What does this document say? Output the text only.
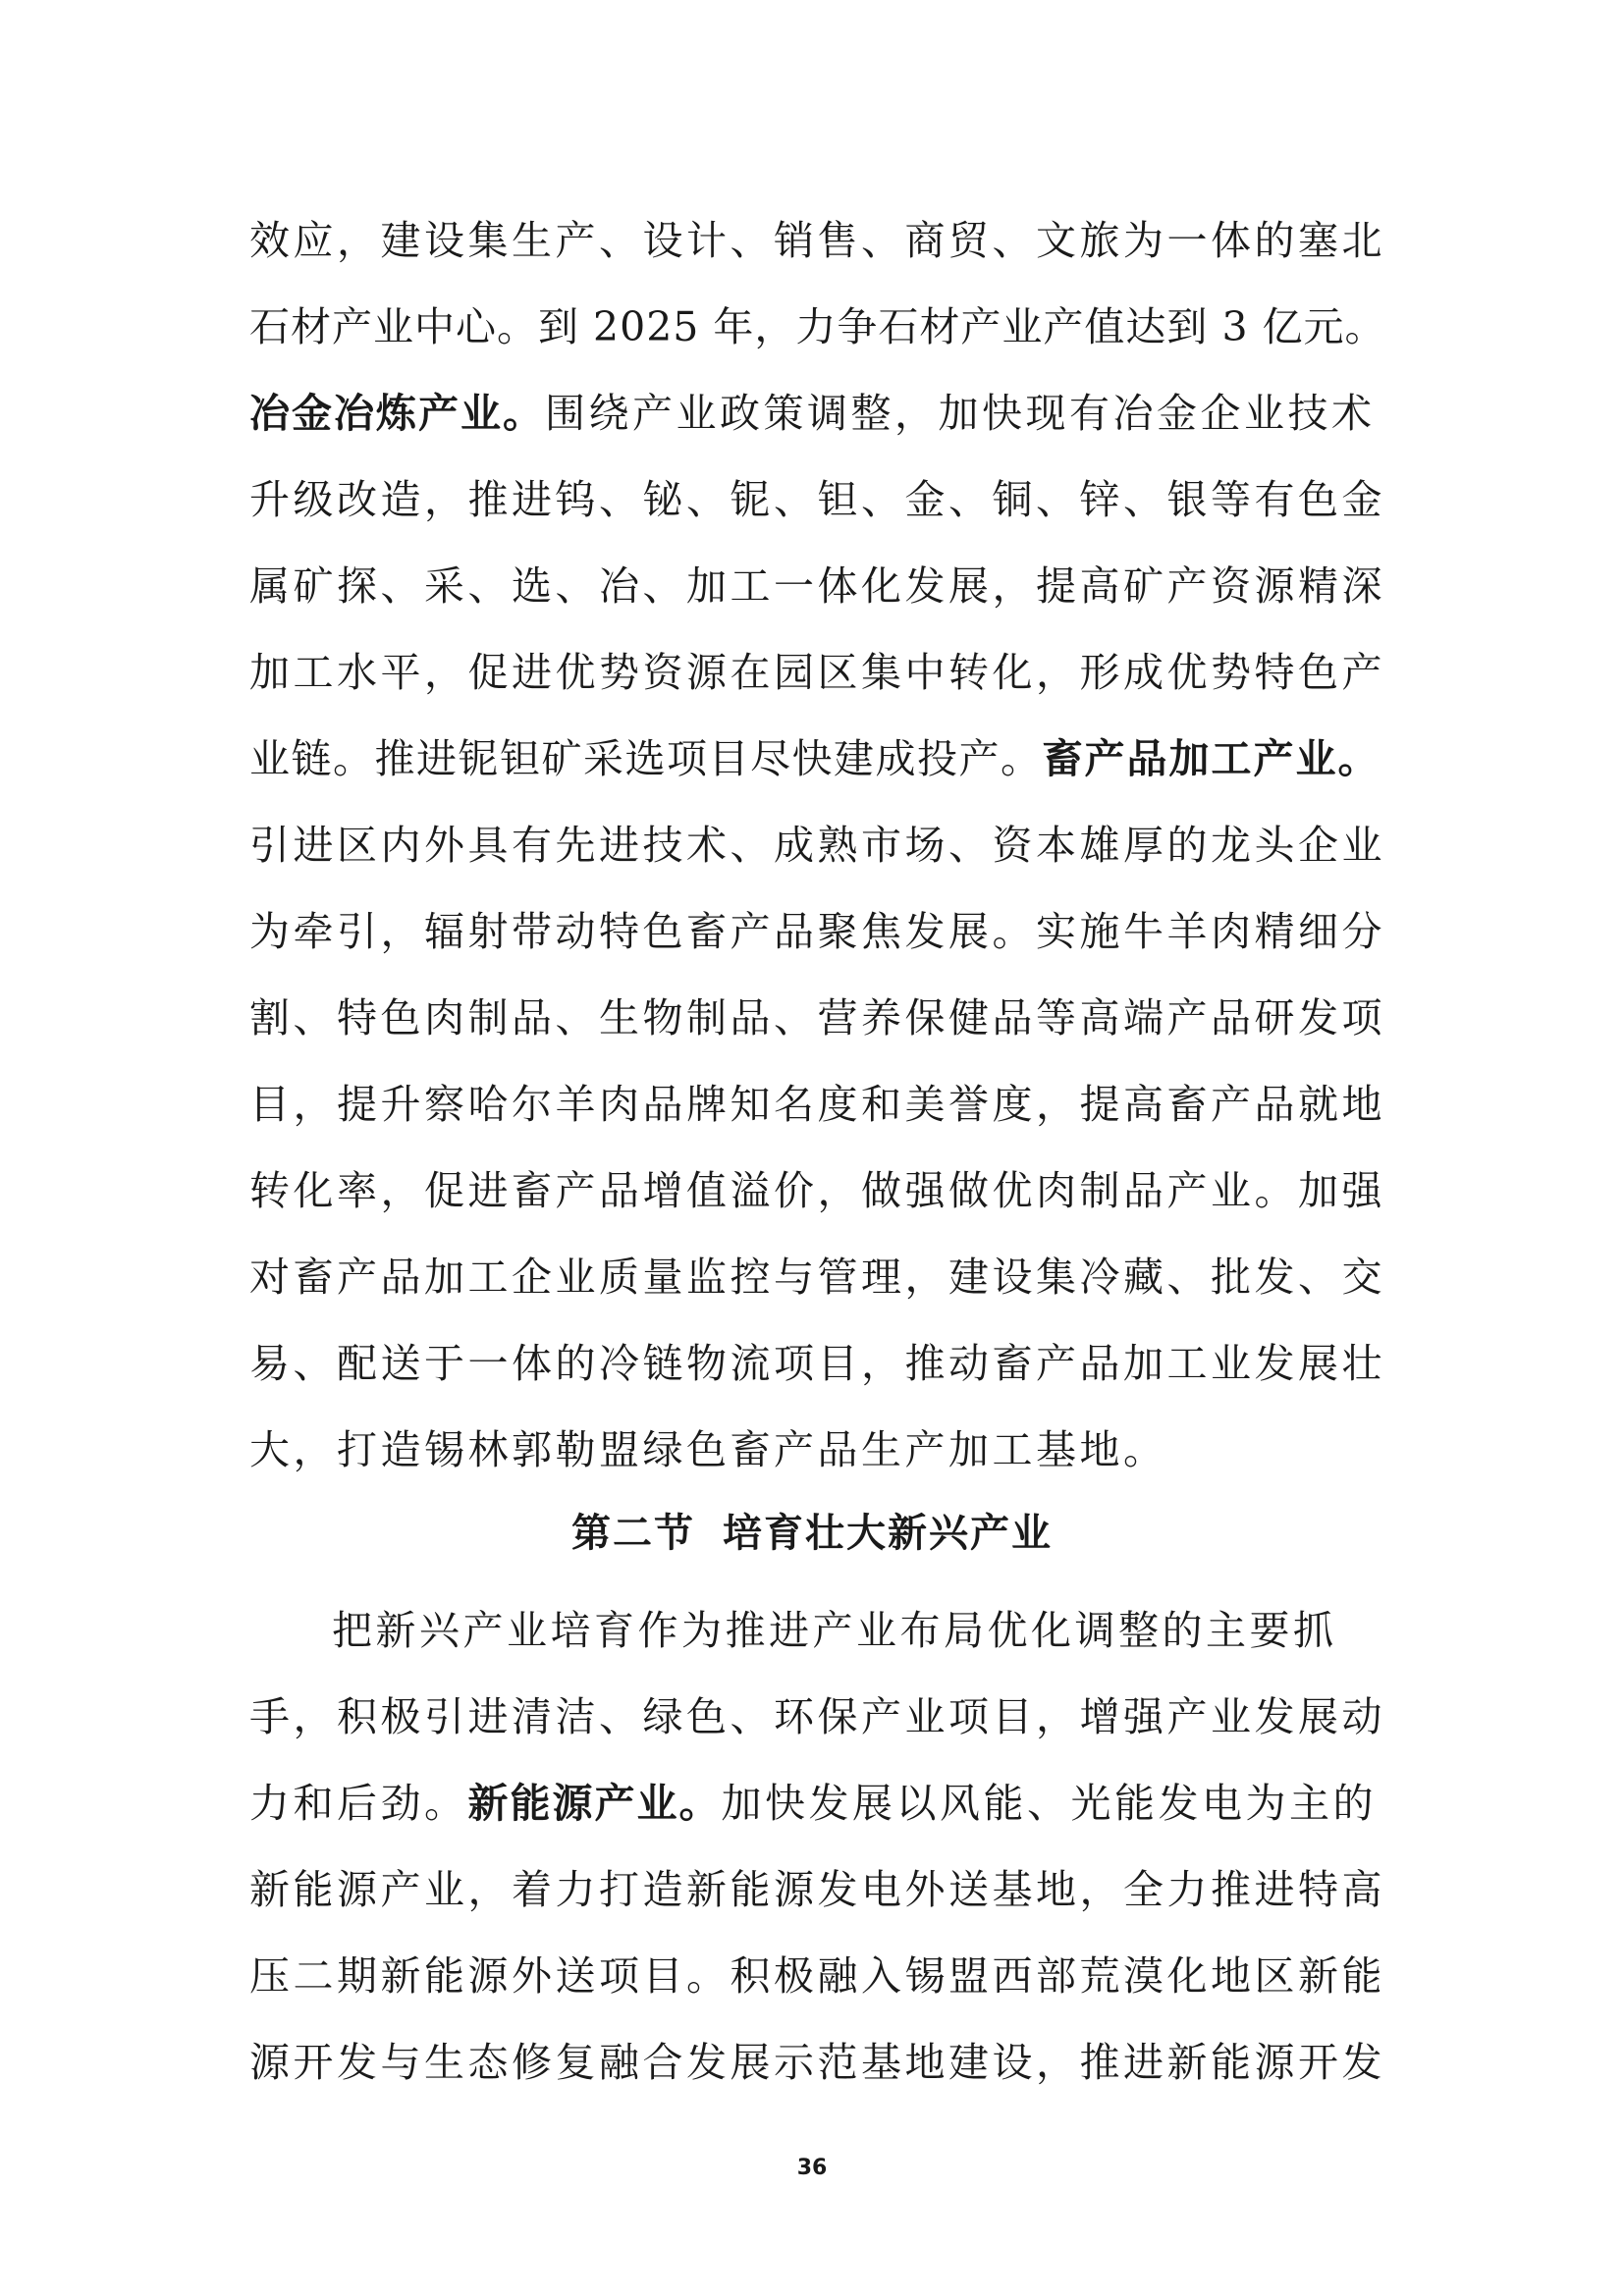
效应，建设集生产、设计、销售、商贸、文旅为一体的塞北
石材产业中心。到 2025 年，力争石材产业产值达到 3 亿元。
冶金冶炼产业。围绕产业政策调整，加快现有冶金企业技术
升级改造，推进钨、铋、铌、钽、金、铜、锌、银等有色金
属矿探、采、选、冶、加工一体化发展，提高矿产资源精深
加工水平，促进优势资源在园区集中转化，形成优势特色产
业链。推进铌钽矿采选项目尽快建成投产。畜产品加工产业。
引进区内外具有先进技术、成熟市场、资本雄厚的龙头企业
为牵引，辐射带动特色畜产品聚焦发展。实施牛羊肉精细分
割、特色肉制品、生物制品、营养保健品等高端产品研发项
目，提升察哈尔羊肉品牌知名度和美誉度，提高畜产品就地
转化率，促进畜产品增值溢价，做强做优肉制品产业。加强
对畜产品加工企业质量监控与管理，建设集冷藏、批发、交
易、配送于一体的冷链物流项目，推动畜产品加工业发展壮
大，打造锡林郭勒盟绿色畜产品生产加工基地。
第二节 培育壮大新兴产业
把新兴产业培育作为推进产业布局优化调整的主要抓
手，积极引进清洁、绿色、环保产业项目，增强产业发展动
力和后劲。新能源产业。加快发展以风能、光能发电为主的
新能源产业，着力打造新能源发电外送基地，全力推进特高
压二期新能源外送项目。积极融入锡盟西部荒漠化地区新能
源开发与生态修复融合发展示范基地建设，推进新能源开发
36
